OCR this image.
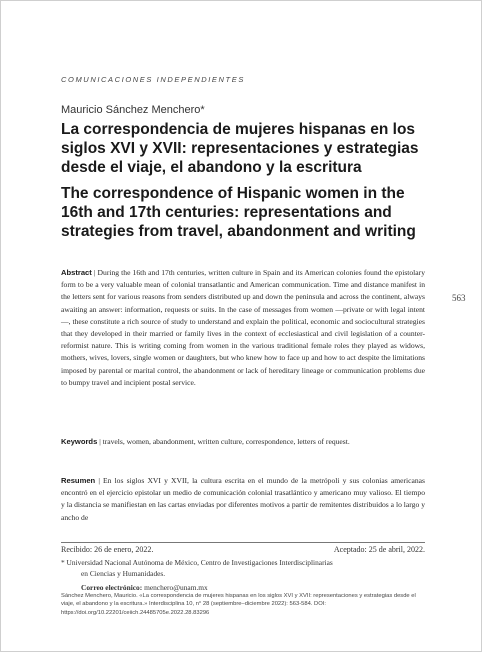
COMUNICACIONES INDEPENDIENTES
Mauricio Sánchez Menchero*
La correspondencia de mujeres hispanas en los siglos XVI y XVII: representaciones y estrategias desde el viaje, el abandono y la escritura
The correspondence of Hispanic women in the 16th and 17th centuries: representations and strategies from travel, abandonment and writing
563

Abstract | During the 16th and 17th centuries, written culture in Spain and its American colonies found the epistolary form to be a very valuable mean of colonial transatlantic and American communication. Time and distance manifest in the letters sent for various reasons from senders distributed up and down the peninsula and across the continent, always awaiting an answer: information, requests or suits. In the case of messages from women —private or with legal intent—, these constitute a rich source of study to understand and explain the political, economic and sociocultural strategies that they developed in their married or family lives in the context of ecclesiastical and civil legislation of a counter-reformist nature. This is writing coming from women in the various traditional female roles they played as widows, mothers, wives, lovers, single women or daughters, but who knew how to face up and how to act despite the limitations imposed by parental or marital control, the abandonment or lack of hereditary lineage or communication problems due to bumpy travel and incipient postal service.

Keywords | travels, women, abandonment, written culture, correspondence, letters of request.

Resumen | En los siglos XVI y XVII, la cultura escrita en el mundo de la metrópoli y sus colonias americanas encontró en el ejercicio epistolar un medio de comunicación colonial trasatlántico y americano muy valioso. El tiempo y la distancia se manifiestan en las cartas enviadas por diferentes motivos a partir de remitentes distribuidos a lo largo y ancho de

Recibido: 26 de enero, 2022.	Aceptado: 25 de abril, 2022.

* Universidad Nacional Autónoma de México, Centro de Investigaciones Interdisciplinarias
en Ciencias y Humanidades.

Correo electrónico: menchero@unam.mx

Sánchez Menchero, Mauricio. «La correspondencia de mujeres hispanas en los siglos XVI y XVII: representaciones y estrategias desde el viaje, el abandono y la escritura.» Interdisciplina 10, n° 28 (septiembre–diciembre 2022): 563-584. DOI: https://doi.org/10.22201/ceiich.24485705e.2022.28.83296
